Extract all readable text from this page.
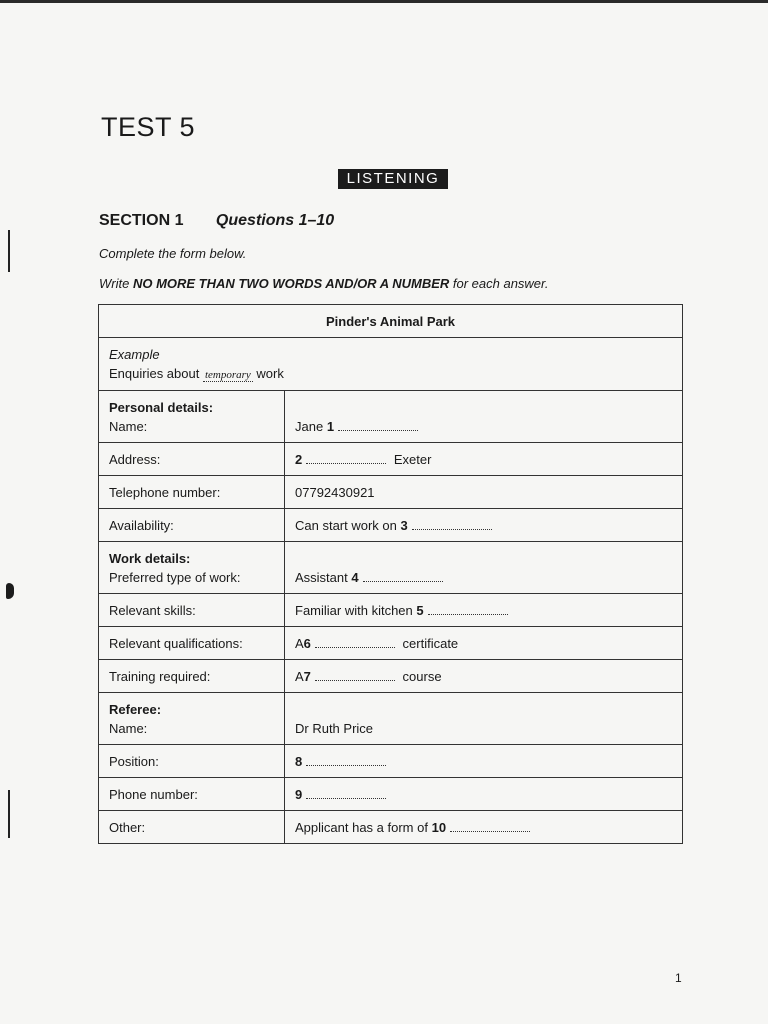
TEST 5
LISTENING
SECTION 1 Questions 1–10
Complete the form below.
Write NO MORE THAN TWO WORDS AND/OR A NUMBER for each answer.
Pinder's Animal Park	

Example
Enquiries about temporary work	

Personal details:
Name:	Jane 1
Address:	2 Exeter
Telephone number:	07792430921
Availability:	Can start work on 3

Work details:
Preferred type of work:	Assistant 4
Relevant skills:	Familiar with kitchen 5
Relevant qualifications:	A6 certificate
Training required:	A7 course

Referee:
Name:	Dr Ruth Price
Position:	8
Phone number:	9
Other:	Applicant has a form of 10
1
